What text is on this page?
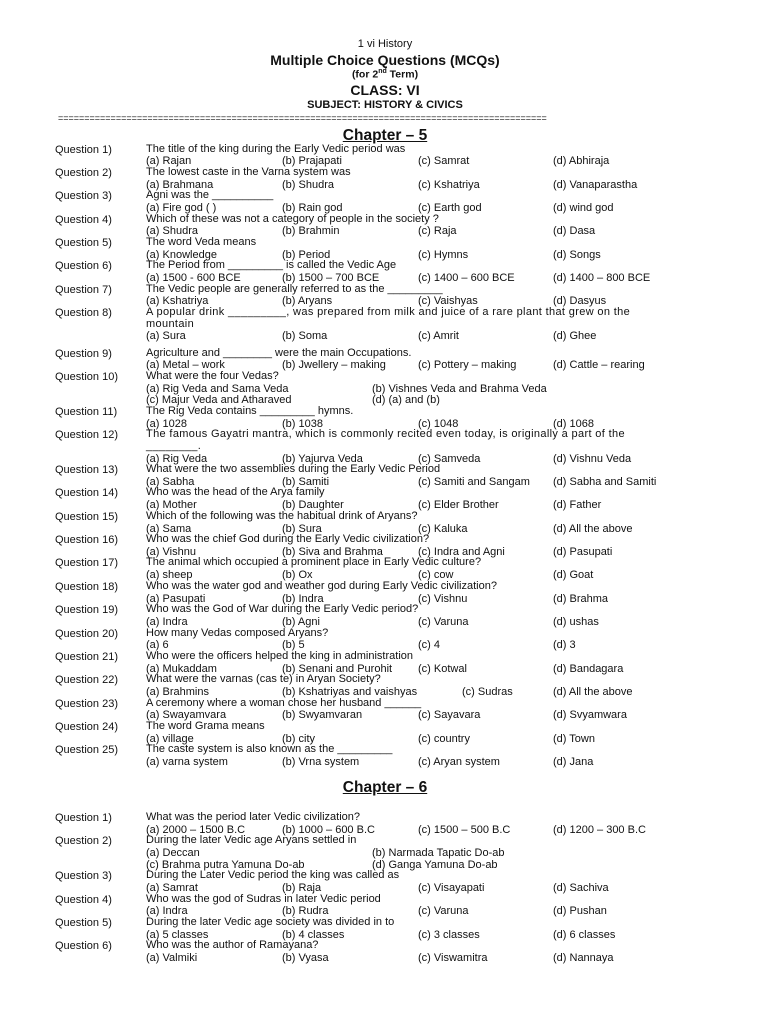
1 vi History
Multiple Choice Questions (MCQs)
(for 2nd Term)
CLASS: VI
SUBJECT: HISTORY & CIVICS
=============================================================================================
Chapter – 5
Question 1)	The title of the king during the Early Vedic period was
(a) Rajan	(b) Prajapati	(c) Samrat	(d) Abhiraja
Question 2)	The lowest caste in the Varna system was
(a) Brahmana	(b) Shudra	(c) Kshatriya	(d) Vanaparastha
Question 3)	Agni was the __________
(a) Fire god ( )	(b) Rain god	(c) Earth god	(d) wind god
Question 4)	Which of these was not a category of people in the society ?
(a) Shudra	(b) Brahmin	(c) Raja	(d) Dasa
Question 5)	The word Veda means
(a) Knowledge	(b) Period	(c) Hymns	(d) Songs
Question 6)	The Period from _________ is called the Vedic Age
(a) 1500 - 600 BCE	(b) 1500 – 700 BCE	(c) 1400 – 600 BCE	(d) 1400 – 800 BCE
Question 7)	The Vedic people are generally referred to as the _________
(a) Kshatriya	(b) Aryans	(c) Vaishyas	(d) Dasyus
Question 8)	A popular drink _________, was prepared from milk and juice of a rare plant that grew on the mountain
(a) Sura	(b) Soma	(c) Amrit	(d) Ghee
Question 9)	Agriculture and ________ were the main Occupations.
(a) Metal – work	(b) Jwellery – making	(c) Pottery – making	(d) Cattle – rearing
Question 10)	What were the four Vedas?
(a) Rig Veda and Sama Veda	(b) Vishnes Veda and Brahma Veda
(c) Majur Veda and Atharaved	(d) (a) and (b)
Question 11)	The Rig Veda contains _________ hymns.
(a) 1028	(b) 1038	(c) 1048	(d) 1068
Question 12)	The famous Gayatri mantra, which is commonly recited even today, is originally a part of the ________.
(a) Rig Veda	(b) Yajurva Veda	(c) Samveda	(d) Vishnu Veda
Question 13)	What were the two assemblies during the Early Vedic Period
(a) Sabha	(b) Samiti	(c) Samiti and Sangam (d) Sabha and Samiti
Question 14)	Who was the head of the Arya family
(a) Mother	(b) Daughter	(c) Elder Brother	(d) Father
Question 15)	Which of the following was the habitual drink of Aryans?
(a) Sama	(b) Sura	(c) Kaluka	(d) All the above
Question 16)	Who was the chief God during the Early Vedic civilization?
(a) Vishnu	(b) Siva and Brahma	(c) Indra and Agni	(d) Pasupati
Question 17)	The animal which occupied a prominent place in Early Vedic culture?
(a) sheep	(b) Ox	(c) cow	(d) Goat
Question 18)	Who was the water god and weather god during Early Vedic civilization?
(a) Pasupati	(b) Indra	(c) Vishnu	(d) Brahma
Question 19)	Who was the God of War during the Early Vedic period?
(a) Indra	(b) Agni	(c) Varuna	(d) ushas
Question 20)	How many Vedas composed Aryans?
(a) 6	(b) 5	(c) 4	(d) 3
Question 21)	Who were the officers helped the king in administration
(a) Mukaddam	(b) Senani and Purohit (c) Kotwal	(d) Bandagara
Question 22)	What were the varnas (cas te) in Aryan Society?
(a) Brahmins	(b) Kshatriyas and vaishyas	(c) Sudras	(d) All the above
Question 23)	A ceremony where a woman chose her husband ______
(a) Swayamvara	(b) Swyamvaran	(c) Sayavara	(d) Svyamwara
Question 24)	The word Grama means
(a) village	(b) city	(c) country	(d) Town
Question 25)	The caste system is also known as the _________
(a) varna system	(b) Vrna system	(c) Aryan system	(d) Jana
Chapter – 6
Question 1)	What was the period later Vedic civilization?
(a) 2000 – 1500 B.C	(b) 1000 – 600 B.C	(c) 1500 – 500 B.C	(d) 1200 – 300 B.C
Question 2)	During the later Vedic age Aryans settled in
(a) Deccan	(b) Narmada Tapatic Do-ab
(c) Brahma putra Yamuna Do-ab	(d) Ganga Yamuna Do-ab
Question 3)	During the Later Vedic period the king was called as
(a) Samrat	(b) Raja	(c) Visayapati	(d) Sachiva
Question 4)	Who was the god of Sudras in later Vedic period
(a) Indra	(b) Rudra	(c) Varuna	(d) Pushan
Question 5)	During the later Vedic age society was divided in to
(a) 5 classes	(b) 4 classes	(c) 3 classes	(d) 6 classes
Question 6)	Who was the author of Ramayana?
(a) Valmiki	(b) Vyasa	(c) Viswamitra	(d) Nannaya
